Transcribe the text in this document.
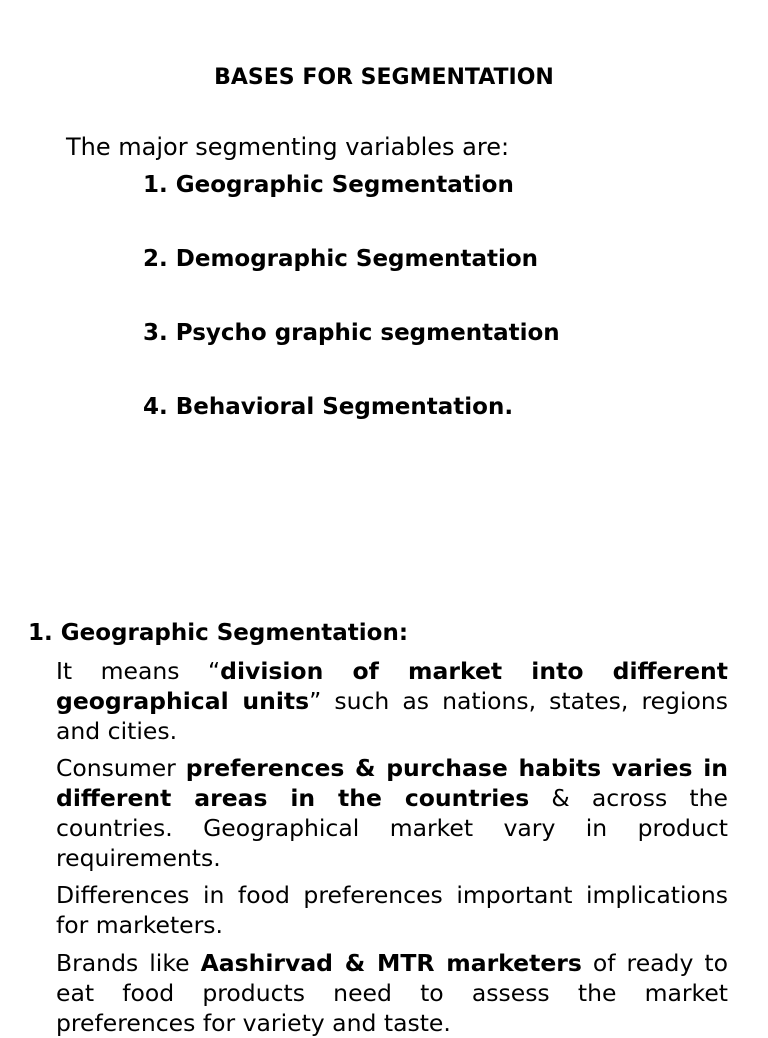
BASES FOR SEGMENTATION

The major segmenting variables are:

1. Geographic Segmentation
2. Demographic Segmentation
3. Psycho graphic segmentation
4. Behavioral Segmentation.
1. Geographic Segmentation:

It means “division of market into different geographical units” such as nations, states, regions and cities.

Consumer preferences & purchase habits varies in different areas in the countries & across the countries. Geographical market vary in product requirements.

Differences in food preferences important implications for marketers.

Brands like Aashirvad & MTR marketers of ready to eat food products need to assess the market preferences for variety and taste.
